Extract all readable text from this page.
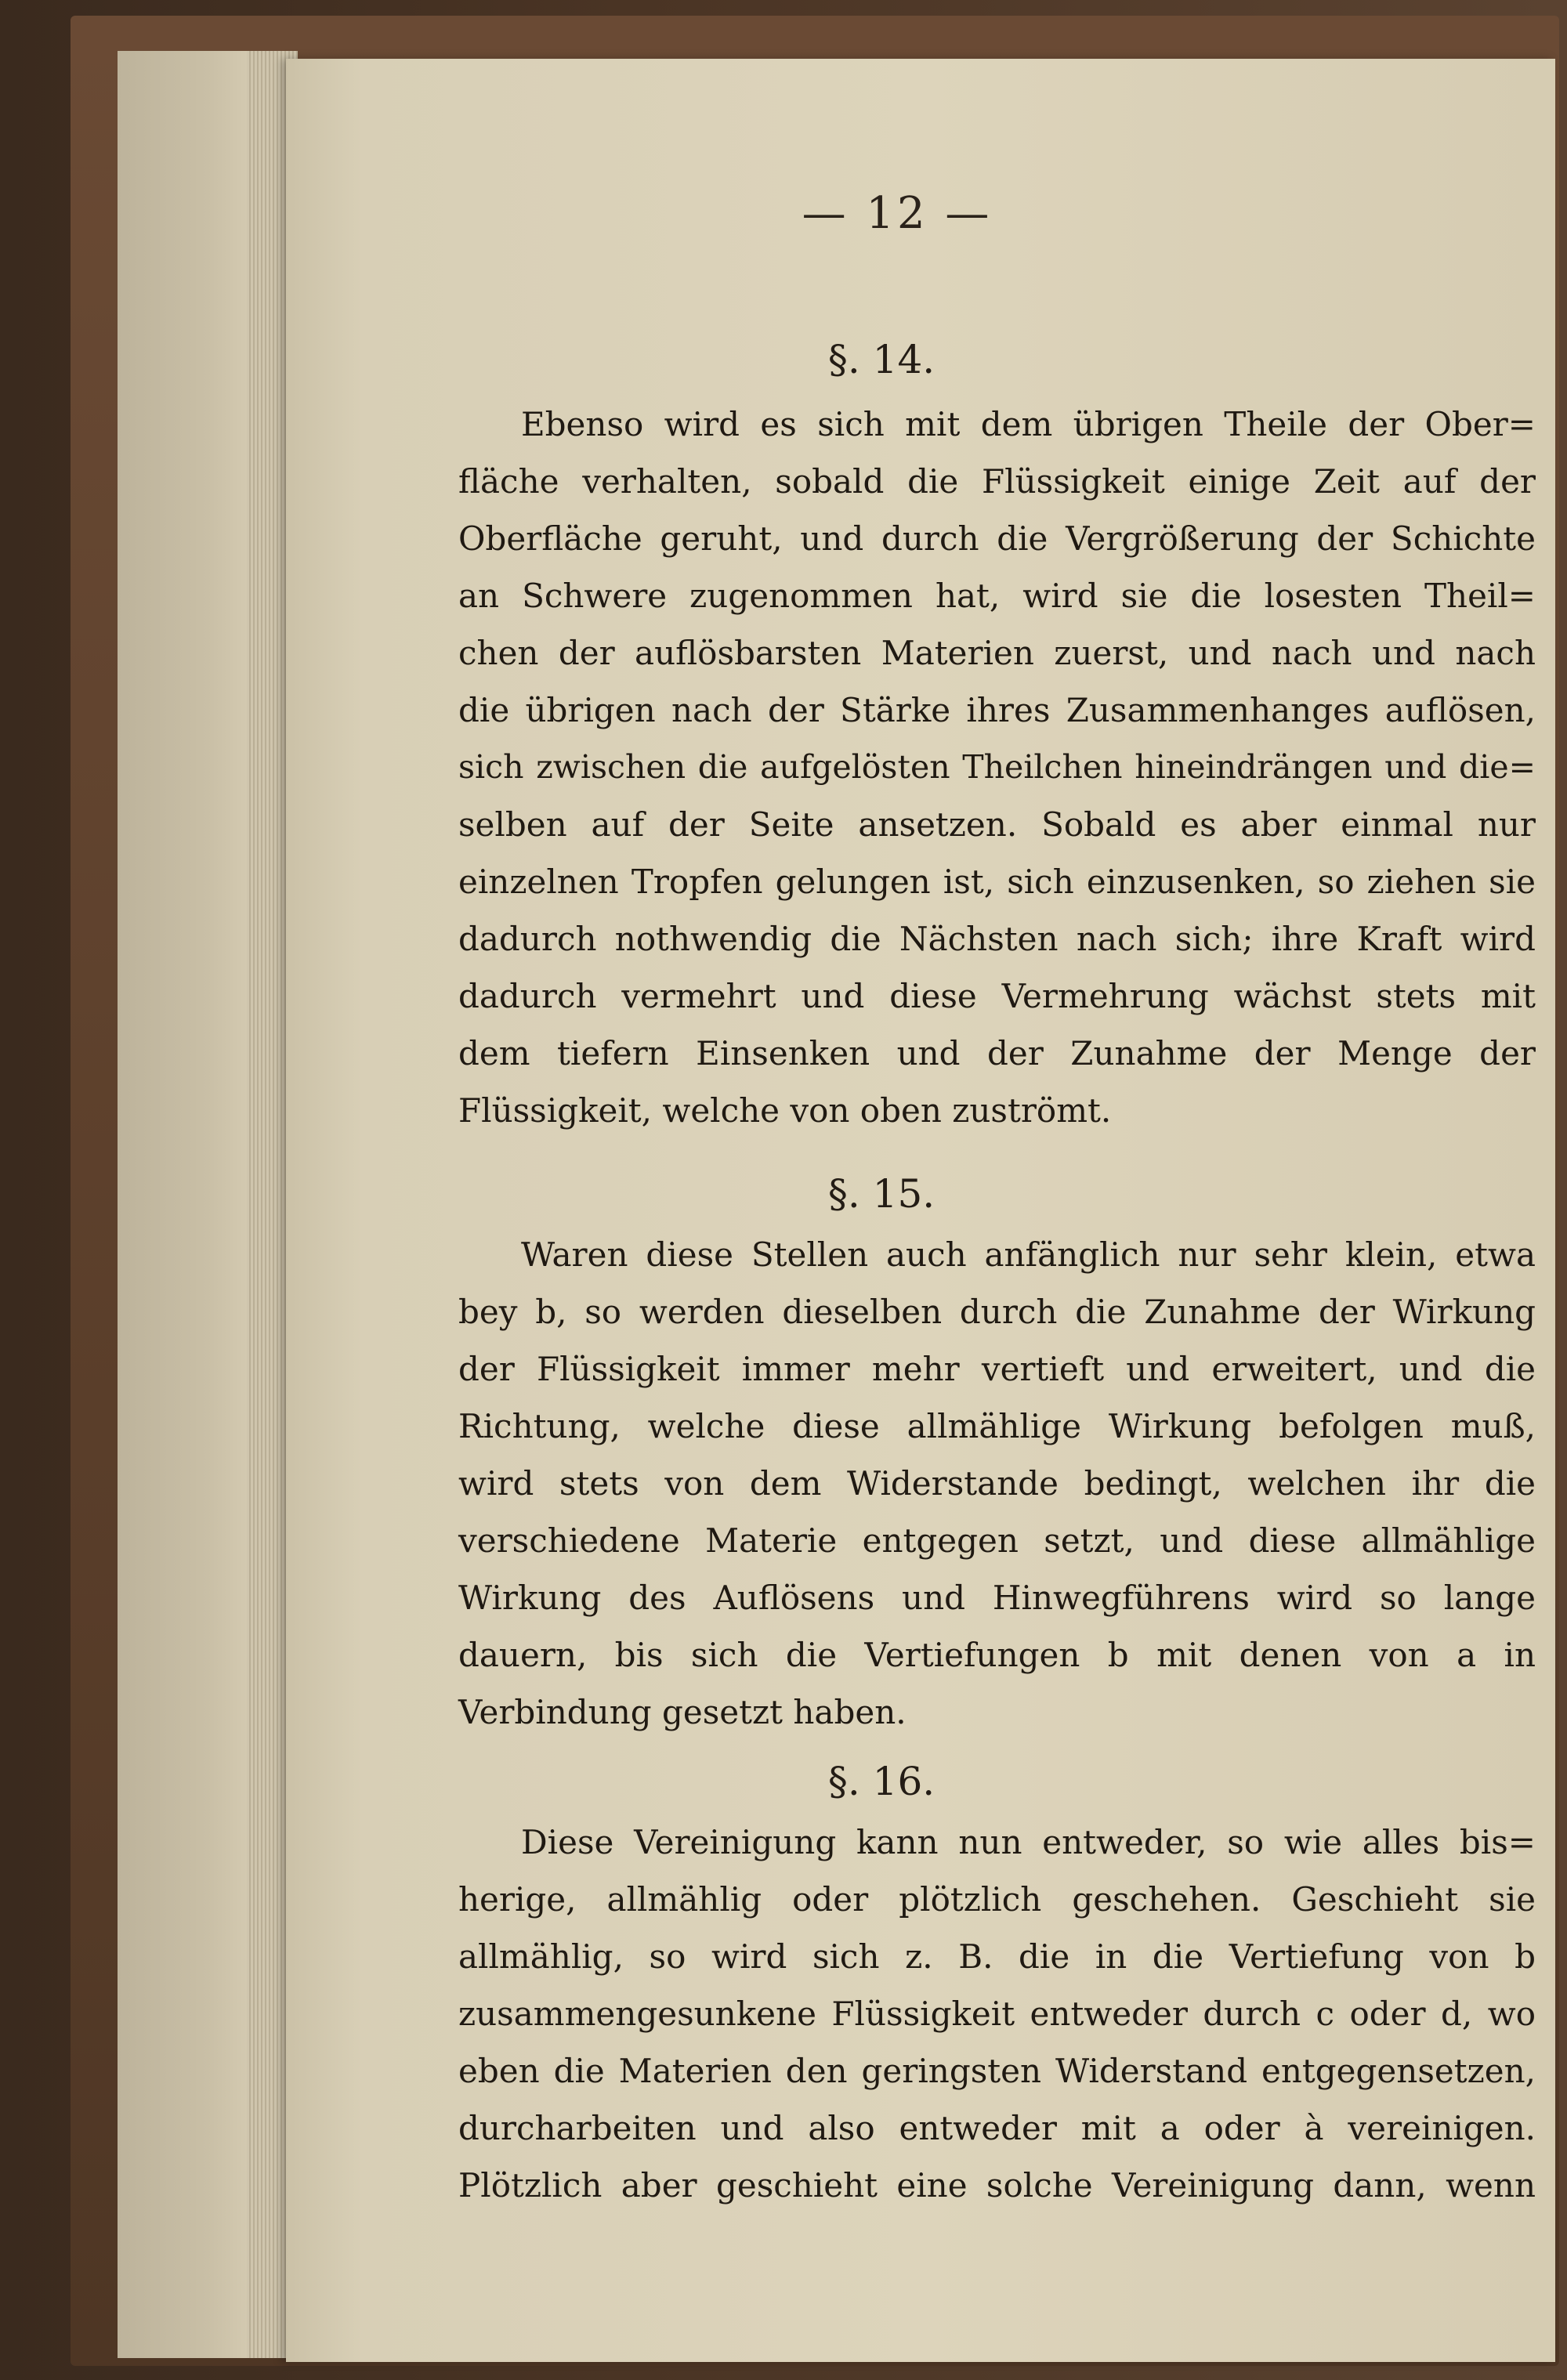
— 12 —
§. 14.
Ebenso wird es sich mit dem übrigen Theile der Ober=
fläche verhalten, sobald die Flüssigkeit einige Zeit auf der
Oberfläche geruht, und durch die Vergrößerung der Schichte
an Schwere zugenommen hat, wird sie die losesten Theil=
chen der auflösbarsten Materien zuerst, und nach und nach
die übrigen nach der Stärke ihres Zusammenhanges auflösen,
sich zwischen die aufgelösten Theilchen hineindrängen und die=
selben auf der Seite ansetzen. Sobald es aber einmal nur
einzelnen Tropfen gelungen ist, sich einzusenken, so ziehen sie
dadurch nothwendig die Nächsten nach sich; ihre Kraft wird
dadurch vermehrt und diese Vermehrung wächst stets mit
dem tiefern Einsenken und der Zunahme der Menge der
Flüssigkeit, welche von oben zuströmt.
§. 15.
Waren diese Stellen auch anfänglich nur sehr klein, etwa
bey b, so werden dieselben durch die Zunahme der Wirkung
der Flüssigkeit immer mehr vertieft und erweitert, und die
Richtung, welche diese allmählige Wirkung befolgen muß,
wird stets von dem Widerstande bedingt, welchen ihr die
verschiedene Materie entgegen setzt, und diese allmählige
Wirkung des Auflösens und Hinwegführens wird so lange
dauern, bis sich die Vertiefungen b mit denen von a in
Verbindung gesetzt haben.
§. 16.
Diese Vereinigung kann nun entweder, so wie alles bis=
herige, allmählig oder plötzlich geschehen. Geschieht sie
allmählig, so wird sich z. B. die in die Vertiefung von b
zusammengesunkene Flüssigkeit entweder durch c oder d, wo
eben die Materien den geringsten Widerstand entgegensetzen,
durcharbeiten und also entweder mit a oder à vereinigen.
Plötzlich aber geschieht eine solche Vereinigung dann, wenn
